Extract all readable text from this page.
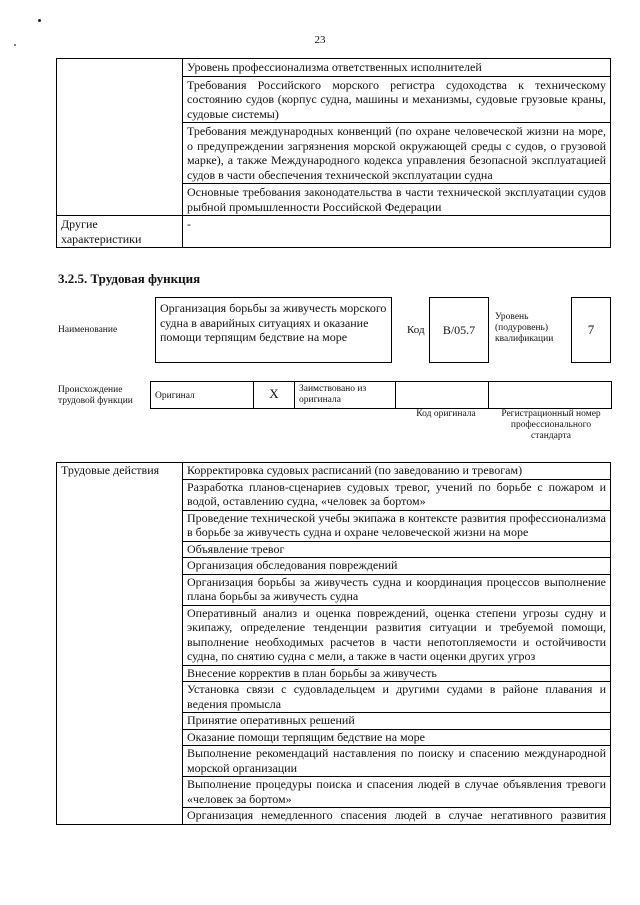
23
	Уровень профессионализма ответственных исполнителей
	Требования Российского морского регистра судоходства к техническому состоянию судов (корпус судна, машины и механизмы, судовые грузовые краны, судовые системы)
	Требования международных конвенций (по охране человеческой жизни на море, о предупреждении загрязнения морской окружающей среды с судов, о грузовой марке), а также Международного кодекса управления безопасной эксплуатацией судов в части обеспечения технической эксплуатации судна
	Основные требования законодательства в части технической эксплуатации судов рыбной промышленности Российской Федерации
Другие характеристики	-
3.2.5. Трудовая функция
Наименование
Организация борьбы за живучесть морского судна в аварийных ситуациях и оказание помощи терпящим бедствие на море	Код	B/05.7
Уровень (подуровень) квалификации
7
Происхождение трудовой функции	Оригинал	X	Заимствовано из оригинала
Код оригинала	Регистрационный номер профессионального стандарта
Трудовые действия	Корректировка судовых расписаний (по заведованию и тревогам)
Разработка планов-сценариев судовых тревог, учений по борьбе с пожаром и водой, оставлению судна, «человек за бортом»
Проведение технической учебы экипажа в контексте развития профессионализма в борьбе за живучесть судна и охране человеческой жизни на море
Объявление тревог
Организация обследования повреждений
Организация борьбы за живучесть судна и координация процессов выполнение плана борьбы за живучесть судна
Оперативный анализ и оценка повреждений, оценка степени угрозы судну и экипажу, определение тенденции развития ситуации и требуемой помощи, выполнение необходимых расчетов в части непотопляемости и остойчивости судна, по снятию судна с мели, а также в части оценки других угроз
Внесение корректив в план борьбы за живучесть
Установка связи с судовладельцем и другими судами в районе плавания и ведения промысла
Принятие оперативных решений
Оказание помощи терпящим бедствие на море
Выполнение рекомендаций наставления по поиску и спасению международной морской организации
Выполнение процедуры поиска и спасения людей в случае объявления тревоги «человек за бортом»
Организация немедленного спасения людей в случае негативного развития
